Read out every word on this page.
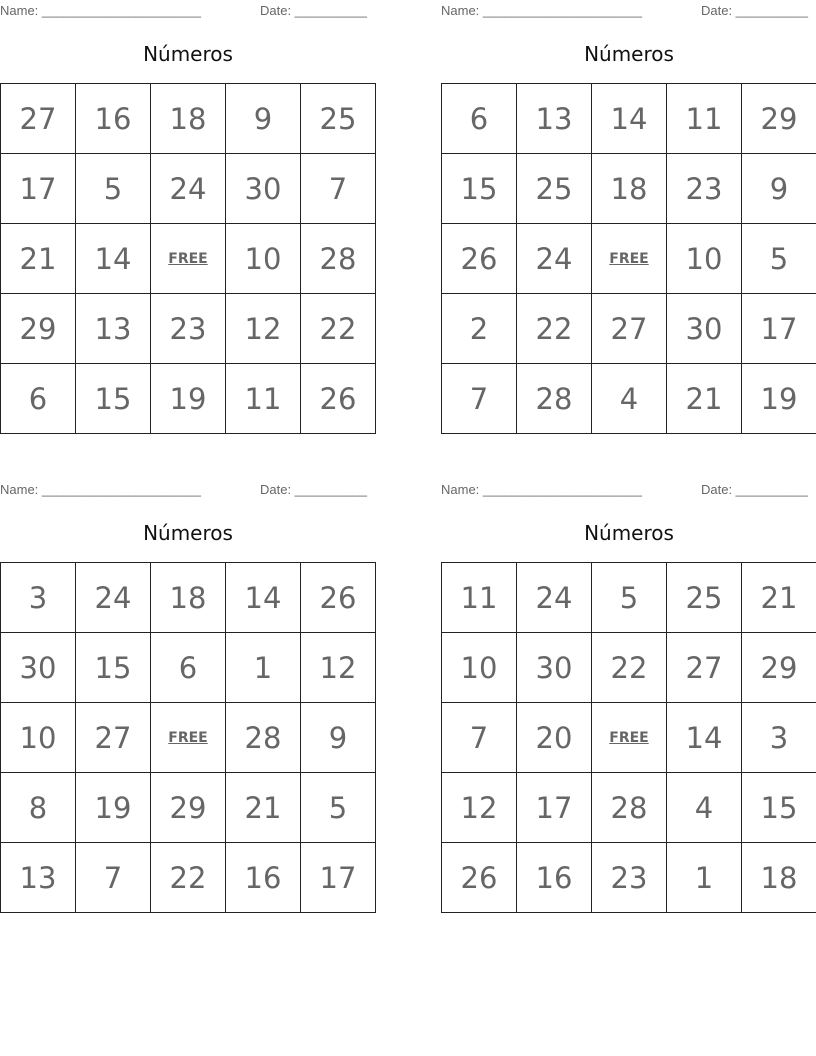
Name: ______________________	Date: __________
Números
27	16	18	9	25
17	5	24	30	7
21	14	FREE	10	28
29	13	23	12	22
6	15	19	11	26
Name: ______________________	Date: __________
Números
6	13	14	11	29
15	25	18	23	9
26	24	FREE	10	5
2	22	27	30	17
7	28	4	21	19
Name: ______________________	Date: __________
Números
3	24	18	14	26
30	15	6	1	12
10	27	FREE	28	9
8	19	29	21	5
13	7	22	16	17
Name: ______________________	Date: __________
Números
11	24	5	25	21
10	30	22	27	29
7	20	FREE	14	3
12	17	28	4	15
26	16	23	1	18
